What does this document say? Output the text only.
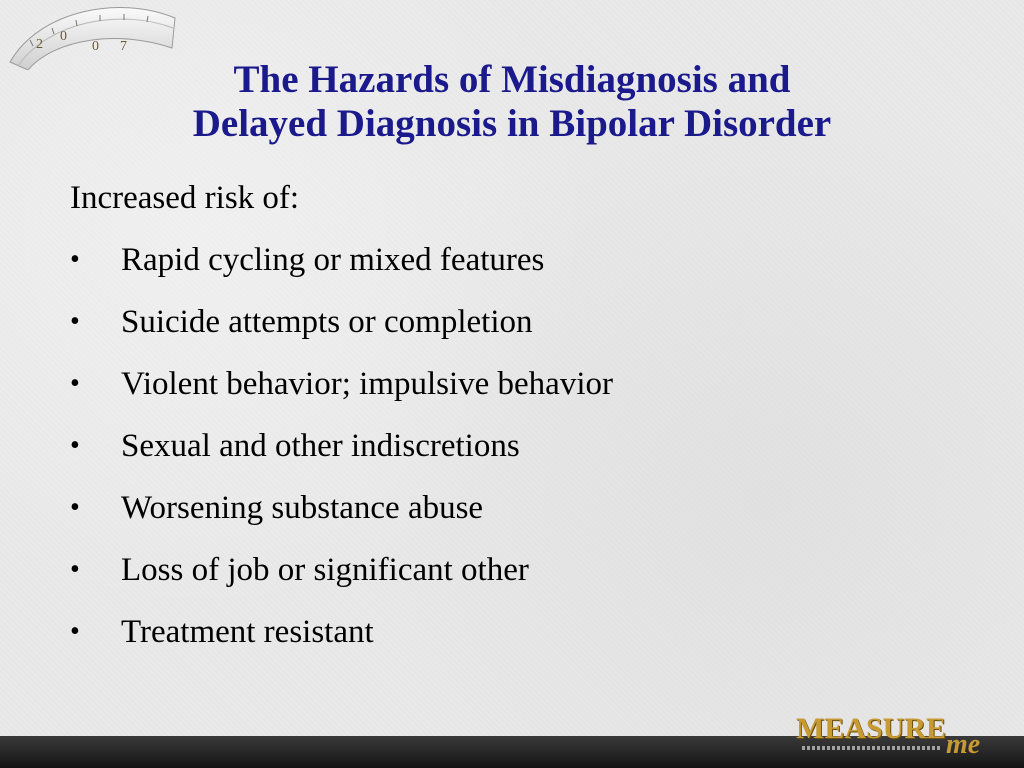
2
0
0 7
The Hazards of Misdiagnosis and
Delayed Diagnosis in Bipolar Disorder

Increased risk of:

•	Rapid cycling or mixed features
•	Suicide attempts or completion
•	Violent behavior; impulsive behavior
•	Sexual and other indiscretions
•	Worsening substance abuse
•	Loss of job or significant other
•	Treatment resistant
MEASURE me
